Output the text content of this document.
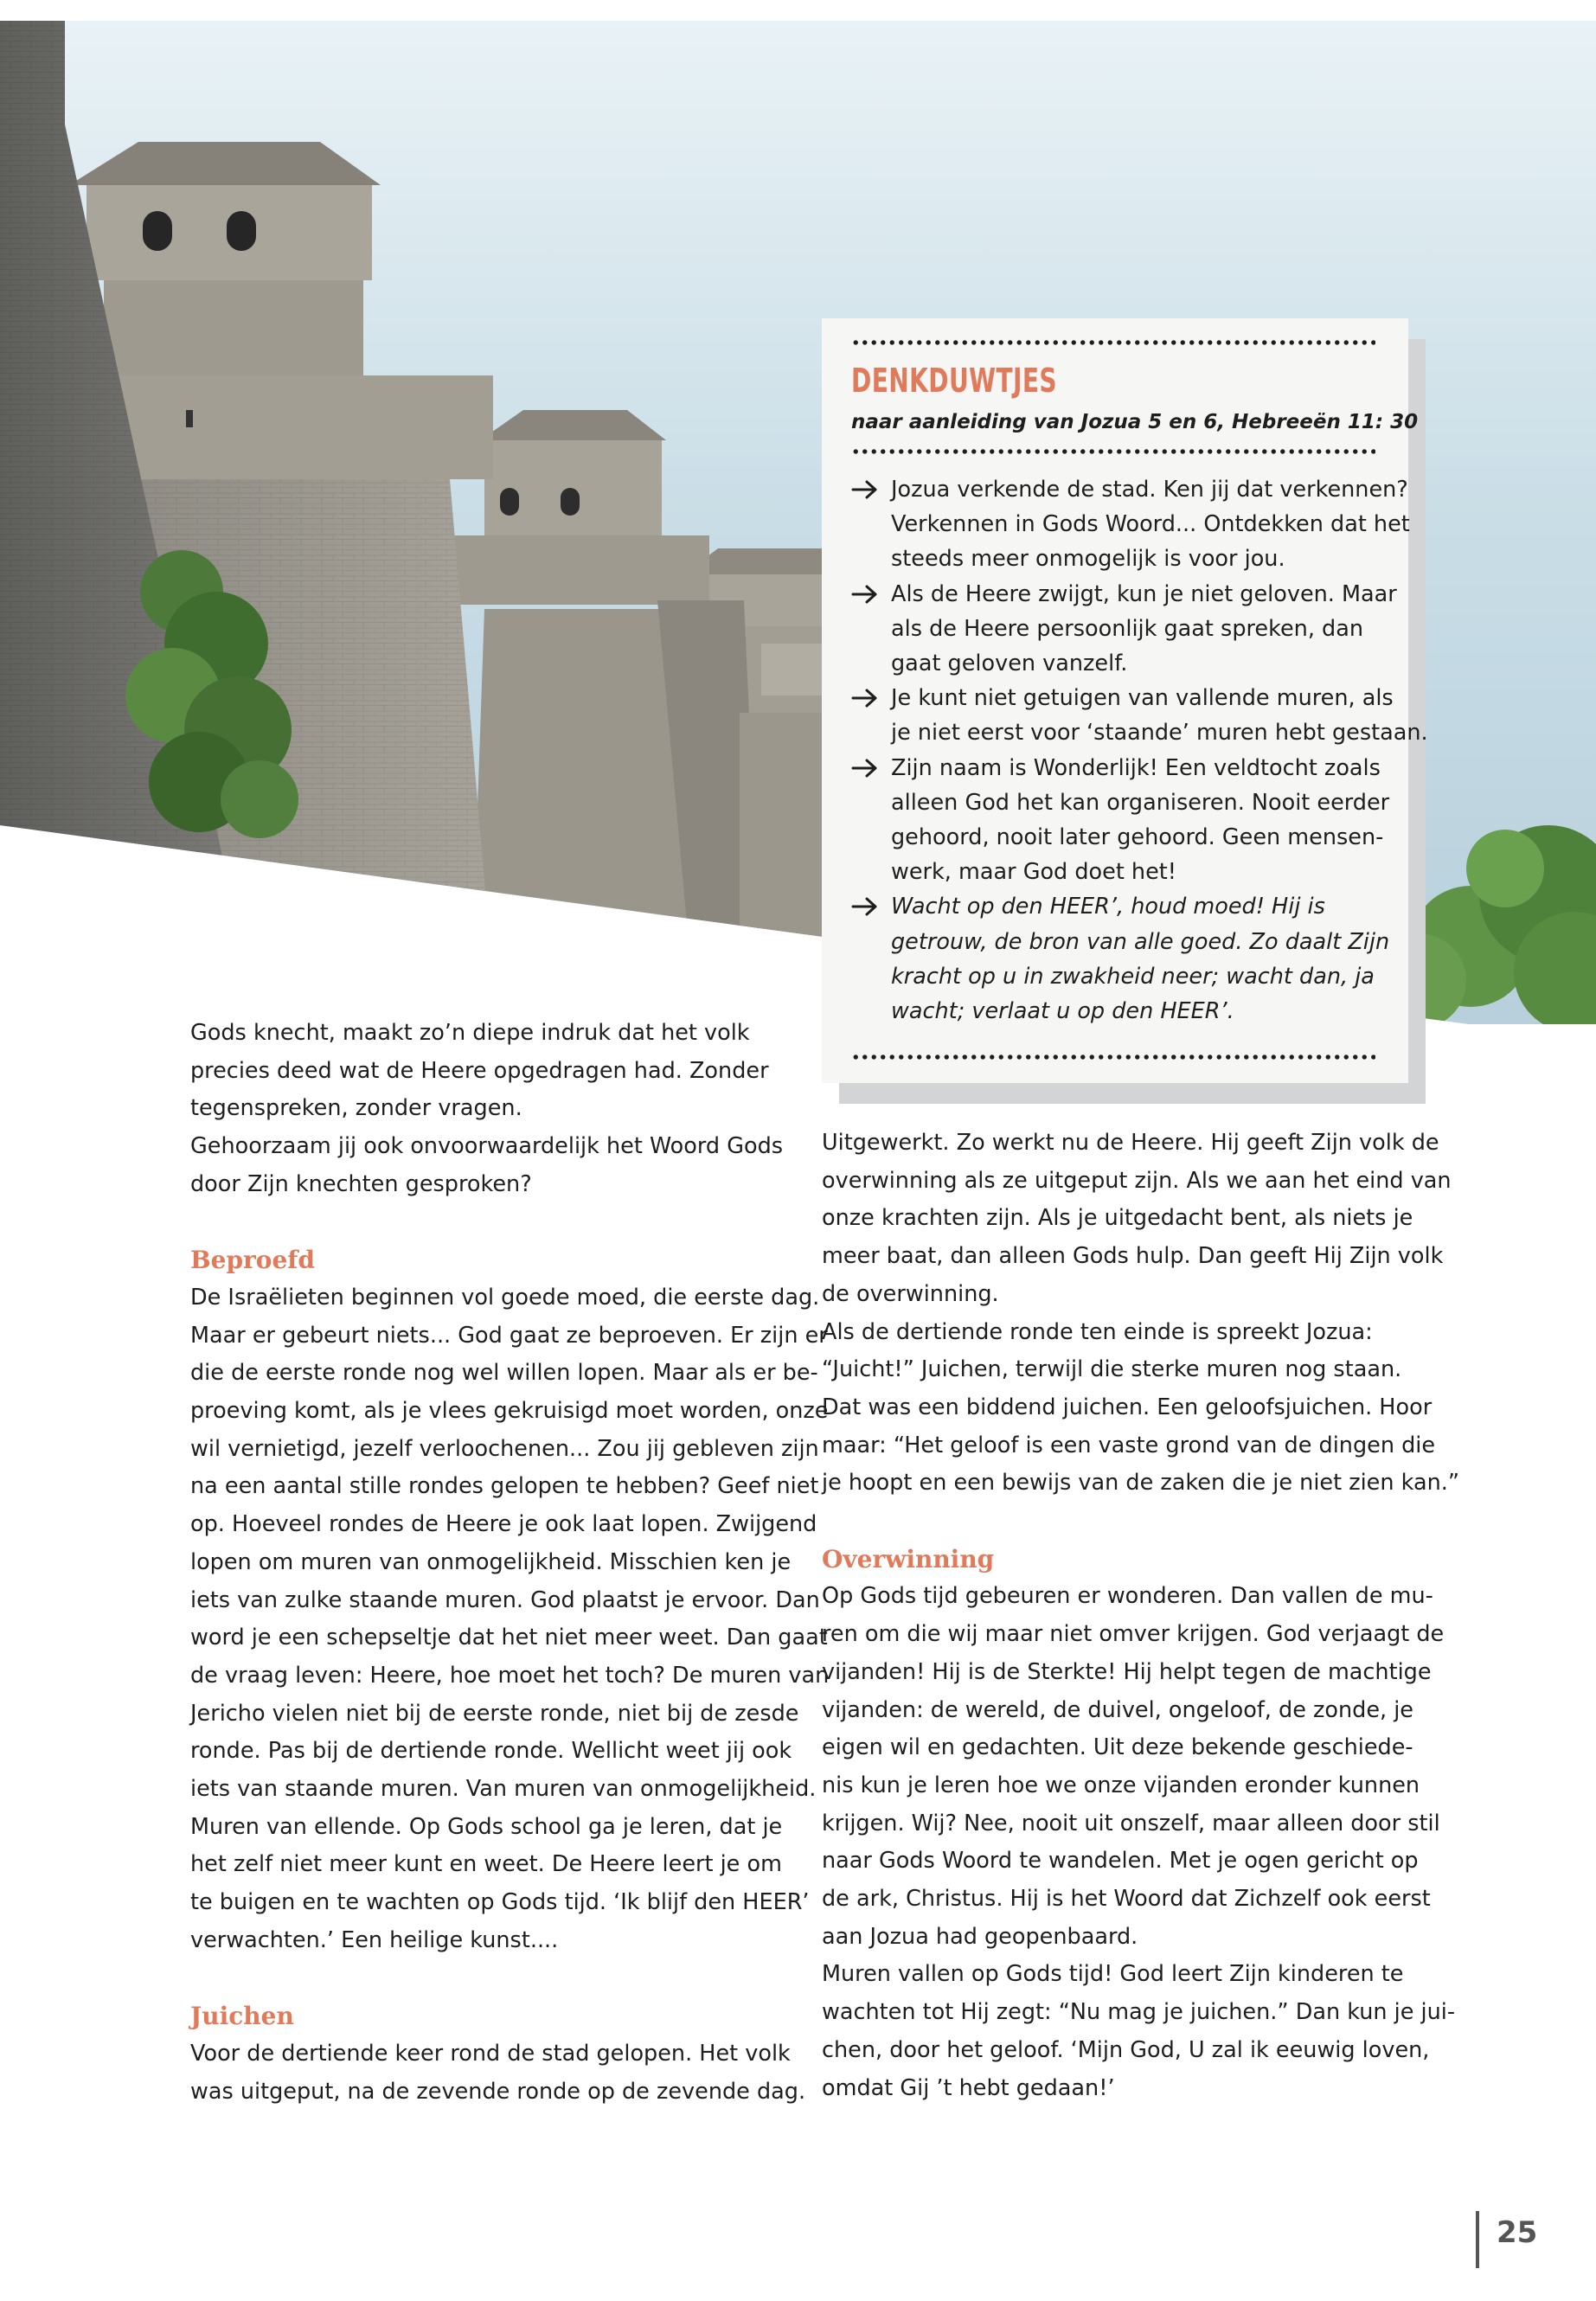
DENKDUWTJES
naar aanleiding van Jozua 5 en 6, Hebreeën 11: 30
Jozua verkende de stad. Ken jij dat verkennen?
Verkennen in Gods Woord... Ontdekken dat het
steeds meer onmogelijk is voor jou.
Als de Heere zwijgt, kun je niet geloven. Maar
als de Heere persoonlijk gaat spreken, dan
gaat geloven vanzelf.
Je kunt niet getuigen van vallende muren, als
je niet eerst voor ‘staande’ muren hebt gestaan.
Zijn naam is Wonderlijk! Een veldtocht zoals
alleen God het kan organiseren. Nooit eerder
gehoord, nooit later gehoord. Geen mensen-
werk, maar God doet het!
Wacht op den HEER’, houd moed! Hij is
getrouw, de bron van alle goed. Zo daalt Zijn
kracht op u in zwakheid neer; wacht dan, ja
wacht; verlaat u op den HEER’.

Gods knecht, maakt zo’n diepe indruk dat het volk

precies deed wat de Heere opgedragen had. Zonder

tegenspreken, zonder vragen.

Gehoorzaam jij ook onvoorwaardelijk het Woord Gods

door Zijn knechten gesproken?

Beproefd

De Israëlieten beginnen vol goede moed, die eerste dag.

Maar er gebeurt niets... God gaat ze beproeven. Er zijn er

die de eerste ronde nog wel willen lopen. Maar als er be-

proeving komt, als je vlees gekruisigd moet worden, onze

wil vernietigd, jezelf verloochenen... Zou jij gebleven zijn

na een aantal stille rondes gelopen te hebben? Geef niet

op. Hoeveel rondes de Heere je ook laat lopen. Zwijgend

lopen om muren van onmogelijkheid. Misschien ken je

iets van zulke staande muren. God plaatst je ervoor. Dan

word je een schepseltje dat het niet meer weet. Dan gaat

de vraag leven: Heere, hoe moet het toch? De muren van

Jericho vielen niet bij de eerste ronde, niet bij de zesde

ronde. Pas bij de dertiende ronde. Wellicht weet jij ook

iets van staande muren. Van muren van onmogelijkheid.

Muren van ellende. Op Gods school ga je leren, dat je

het zelf niet meer kunt en weet. De Heere leert je om

te buigen en te wachten op Gods tijd. ‘Ik blijf den HEER’

verwachten.’ Een heilige kunst....

Juichen

Voor de dertiende keer rond de stad gelopen. Het volk

was uitgeput, na de zevende ronde op de zevende dag.

Uitgewerkt. Zo werkt nu de Heere. Hij geeft Zijn volk de

overwinning als ze uitgeput zijn. Als we aan het eind van

onze krachten zijn. Als je uitgedacht bent, als niets je

meer baat, dan alleen Gods hulp. Dan geeft Hij Zijn volk

de overwinning.

Als de dertiende ronde ten einde is spreekt Jozua:

“Juicht!” Juichen, terwijl die sterke muren nog staan.

Dat was een biddend juichen. Een geloofsjuichen. Hoor

maar: “Het geloof is een vaste grond van de dingen die

je hoopt en een bewijs van de zaken die je niet zien kan.”

Overwinning

Op Gods tijd gebeuren er wonderen. Dan vallen de mu-

ren om die wij maar niet omver krijgen. God verjaagt de

vijanden! Hij is de Sterkte! Hij helpt tegen de machtige

vijanden: de wereld, de duivel, ongeloof, de zonde, je

eigen wil en gedachten. Uit deze bekende geschiede-

nis kun je leren hoe we onze vijanden eronder kunnen

krijgen. Wij? Nee, nooit uit onszelf, maar alleen door stil

naar Gods Woord te wandelen. Met je ogen gericht op

de ark, Christus. Hij is het Woord dat Zichzelf ook eerst

aan Jozua had geopenbaard.

Muren vallen op Gods tijd! God leert Zijn kinderen te

wachten tot Hij zegt: “Nu mag je juichen.” Dan kun je jui-

chen, door het geloof. ‘Mijn God, U zal ik eeuwig loven,

omdat Gij ’t hebt gedaan!’

25
